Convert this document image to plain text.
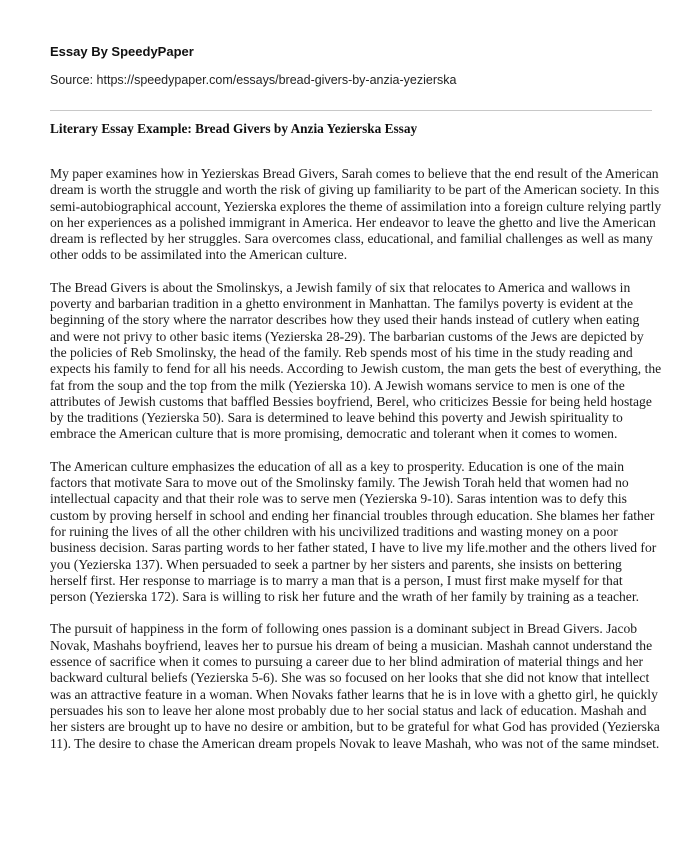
Essay By SpeedyPaper
Source: https://speedypaper.com/essays/bread-givers-by-anzia-yezierska
Literary Essay Example: Bread Givers by Anzia Yezierska Essay

My paper examines how in Yezierskas Bread Givers, Sarah comes to believe that the end result of the American dream is worth the struggle and worth the risk of giving up familiarity to be part of the American society. In this semi-autobiographical account, Yezierska explores the theme of assimilation into a foreign culture relying partly on her experiences as a polished immigrant in America. Her endeavor to leave the ghetto and live the American dream is reflected by her struggles. Sara overcomes class, educational, and familial challenges as well as many other odds to be assimilated into the American culture.

The Bread Givers is about the Smolinskys, a Jewish family of six that relocates to America and wallows in poverty and barbarian tradition in a ghetto environment in Manhattan. The familys poverty is evident at the beginning of the story where the narrator describes how they used their hands instead of cutlery when eating and were not privy to other basic items (Yezierska 28-29). The barbarian customs of the Jews are depicted by the policies of Reb Smolinsky, the head of the family. Reb spends most of his time in the study reading and expects his family to fend for all his needs. According to Jewish custom, the man gets the best of everything, the fat from the soup and the top from the milk (Yezierska 10). A Jewish womans service to men is one of the attributes of Jewish customs that baffled Bessies boyfriend, Berel, who criticizes Bessie for being held hostage by the traditions (Yezierska 50). Sara is determined to leave behind this poverty and Jewish spirituality to embrace the American culture that is more promising, democratic and tolerant when it comes to women.

The American culture emphasizes the education of all as a key to prosperity. Education is one of the main factors that motivate Sara to move out of the Smolinsky family. The Jewish Torah held that women had no intellectual capacity and that their role was to serve men (Yezierska 9-10). Saras intention was to defy this custom by proving herself in school and ending her financial troubles through education. She blames her father for ruining the lives of all the other children with his uncivilized traditions and wasting money on a poor business decision. Saras parting words to her father stated, I have to live my life.mother and the others lived for you (Yezierska 137). When persuaded to seek a partner by her sisters and parents, she insists on bettering herself first. Her response to marriage is to marry a man that is a person, I must first make myself for that person (Yezierska 172). Sara is willing to risk her future and the wrath of her family by training as a teacher.

The pursuit of happiness in the form of following ones passion is a dominant subject in Bread Givers. Jacob Novak, Mashahs boyfriend, leaves her to pursue his dream of being a musician. Mashah cannot understand the essence of sacrifice when it comes to pursuing a career due to her blind admiration of material things and her backward cultural beliefs (Yezierska 5-6). She was so focused on her looks that she did not know that intellect was an attractive feature in a woman. When Novaks father learns that he is in love with a ghetto girl, he quickly persuades his son to leave her alone most probably due to her social status and lack of education. Mashah and her sisters are brought up to have no desire or ambition, but to be grateful for what God has provided (Yezierska 11). The desire to chase the American dream propels Novak to leave Mashah, who was not of the same mindset.
